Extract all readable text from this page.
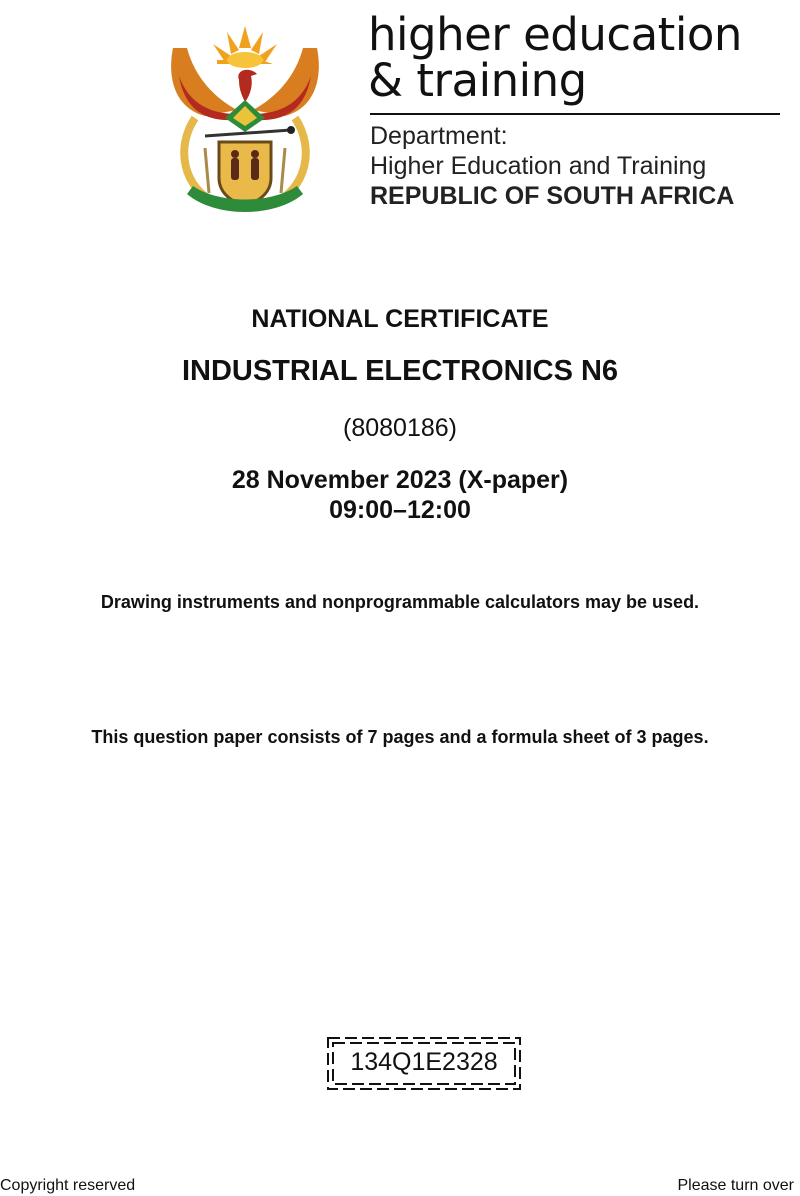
higher education
& training
Department:
Higher Education and Training
REPUBLIC OF SOUTH AFRICA
NATIONAL CERTIFICATE
INDUSTRIAL ELECTRONICS N6
(8080186)
28 November 2023 (X-paper)
09:00–12:00
Drawing instruments and nonprogrammable calculators may be used.
This question paper consists of 7 pages and a formula sheet of 3 pages.
134Q1E2328
Copyright reserved	Please turn over
